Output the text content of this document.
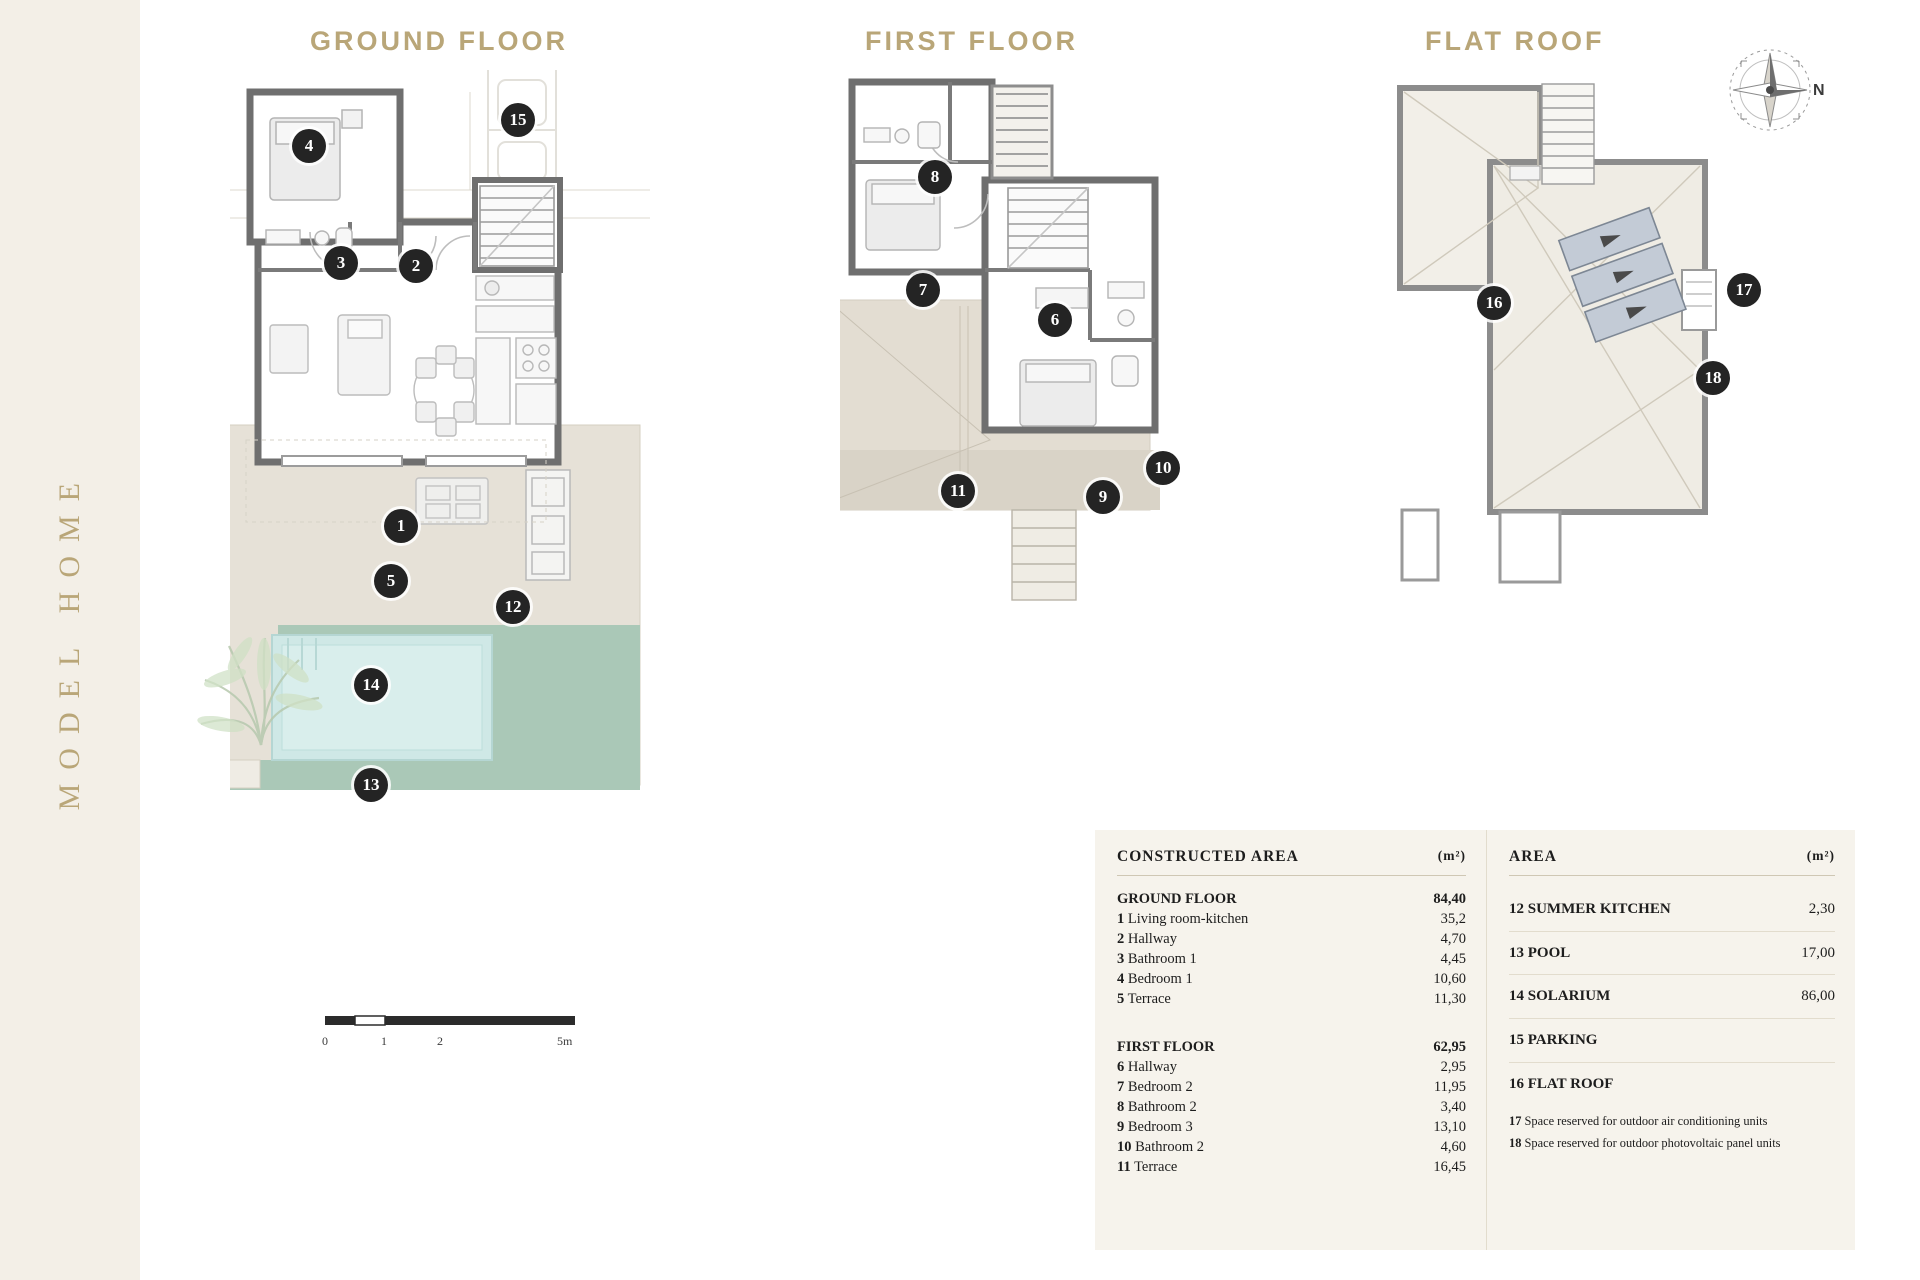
MODEL HOME
GROUND FLOOR	FIRST FLOOR	FLAT ROOF
N
1
2
3
4
5
12
13
14
15
6
7
8
9
10
11
16
17
18
0	1	2	5m
CONSTRUCTED AREA	(m²)
GROUND FLOOR	84,40
1 Living room-kitchen	35,2
2 Hallway	4,70
3 Bathroom 1	4,45
4 Bedroom 1	10,60
5 Terrace	11,30
FIRST FLOOR	62,95
6 Hallway	2,95
7 Bedroom 2	11,95
8 Bathroom 2	3,40
9 Bedroom 3	13,10
10 Bathroom 2	4,60
11 Terrace	16,45
AREA	(m²)
12 SUMMER KITCHEN	2,30
13 POOL	17,00
14 SOLARIUM	86,00
15 PARKING
16 FLAT ROOF
17 Space reserved for outdoor air conditioning units
18 Space reserved for outdoor photovoltaic panel units
